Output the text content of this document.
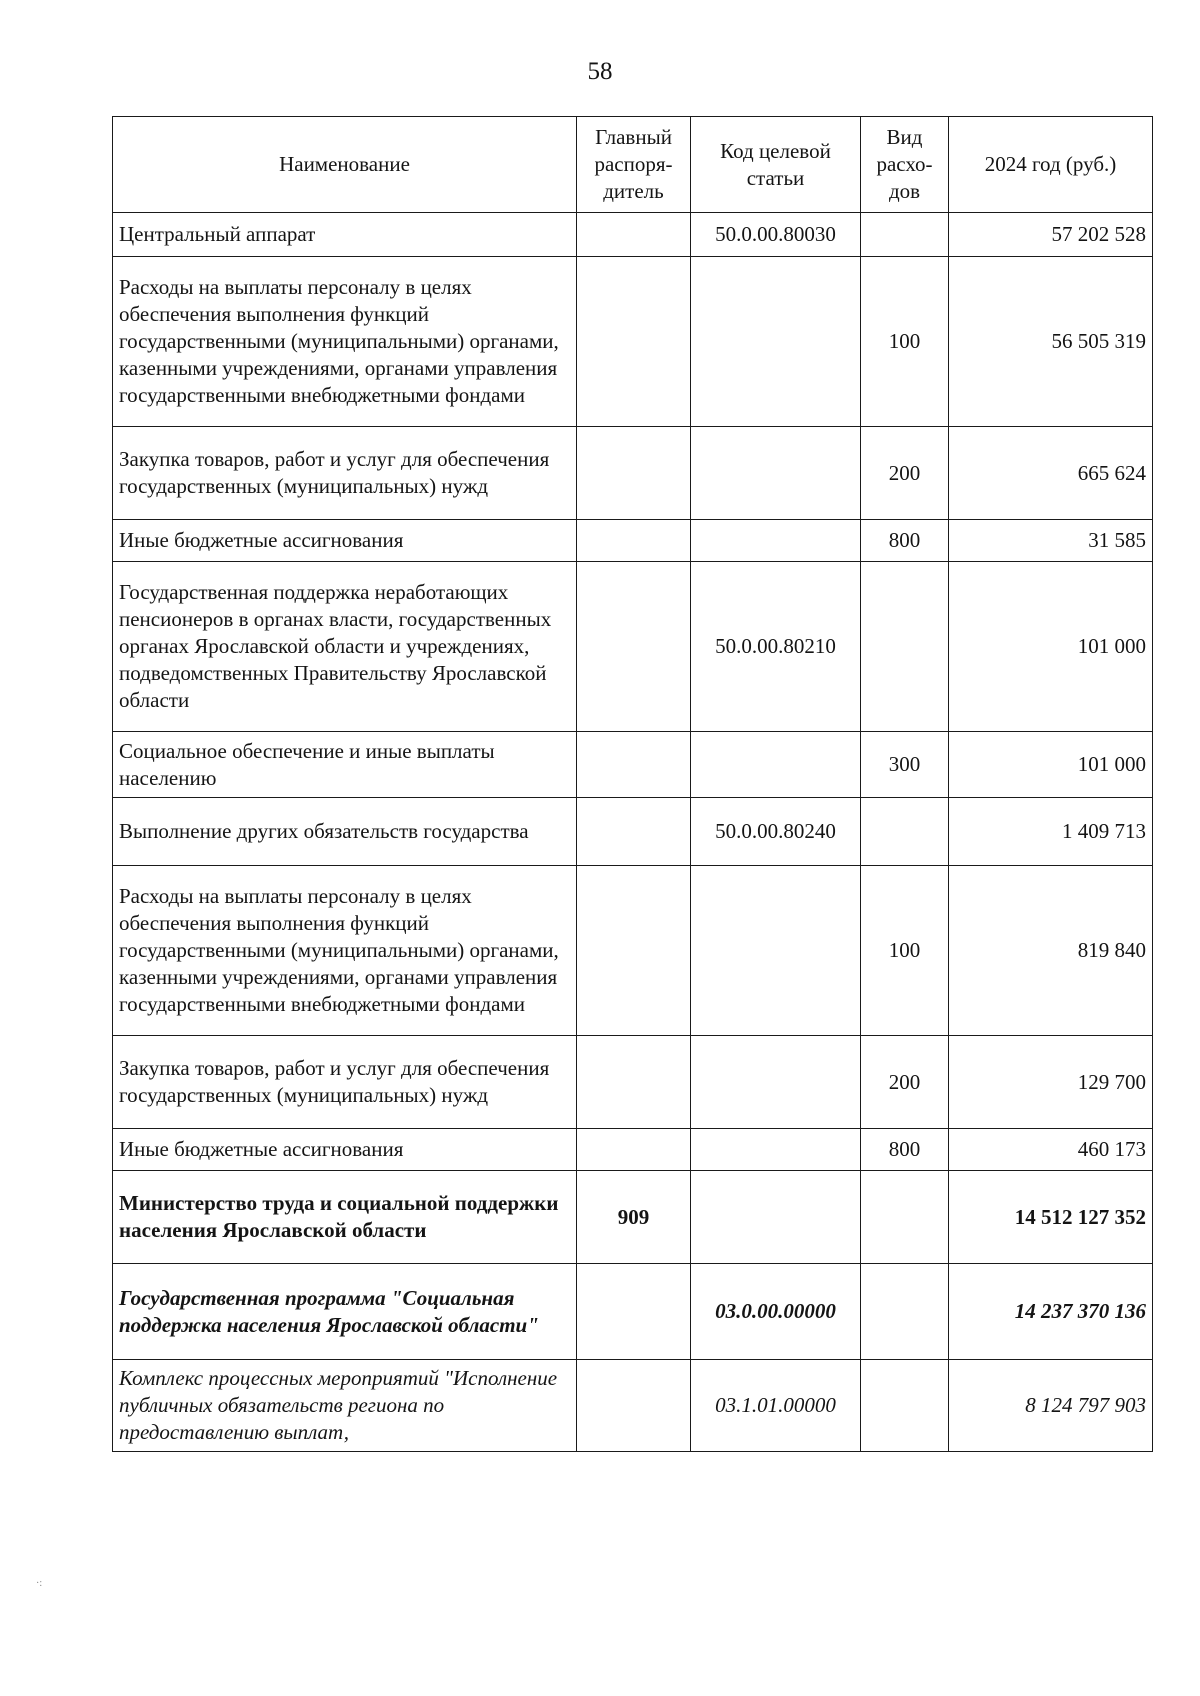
58
Наименование	Главный распоря-дитель	Код целевой статьи	Вид расхо-дов	2024 год (руб.)
Центральный аппарат		50.0.00.80030		57 202 528
Расходы на выплаты персоналу в целях обеспечения выполнения функций государственными (муниципальными) органами, казенными учреждениями, органами управления государственными внебюджетными фондами			100	56 505 319
Закупка товаров, работ и услуг для обеспечения государственных (муниципальных) нужд			200	665 624
Иные бюджетные ассигнования			800	31 585
Государственная поддержка неработающих пенсионеров в органах власти, государственных органах Ярославской области и учреждениях, подведомственных Правительству Ярославской области		50.0.00.80210		101 000
Социальное обеспечение и иные выплаты населению			300	101 000
Выполнение других обязательств государства		50.0.00.80240		1 409 713
Расходы на выплаты персоналу в целях обеспечения выполнения функций государственными (муниципальными) органами, казенными учреждениями, органами управления государственными внебюджетными фондами			100	819 840
Закупка товаров, работ и услуг для обеспечения государственных (муниципальных) нужд			200	129 700
Иные бюджетные ассигнования			800	460 173
Министерство труда и социальной поддержки населения Ярославской области	909			14 512 127 352
Государственная программа "Социальная поддержка населения Ярославской области"		03.0.00.00000		14 237 370 136
Комплекс процессных мероприятий "Исполнение публичных обязательств региона по предоставлению выплат,		03.1.01.00000		8 124 797 903
·:
